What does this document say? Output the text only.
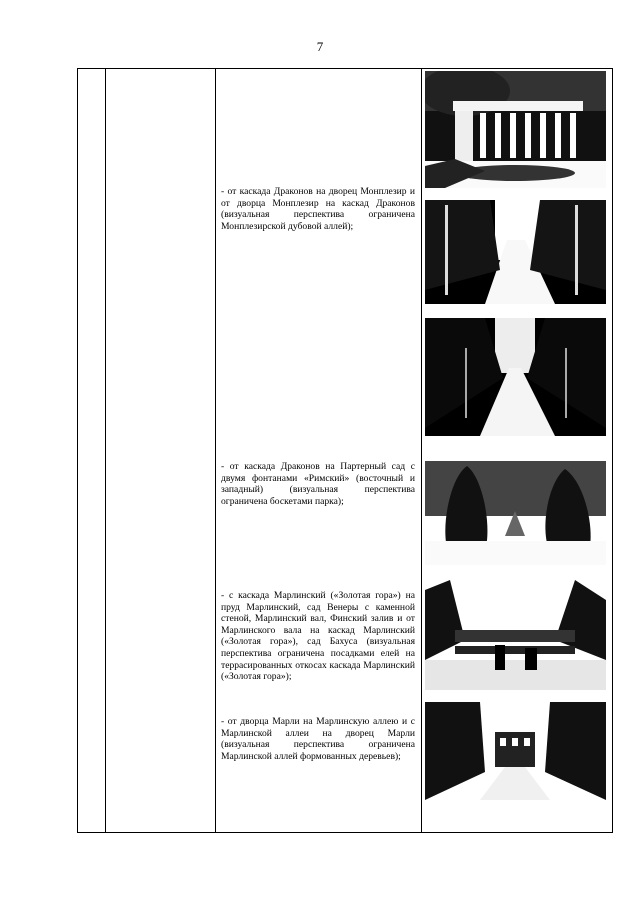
7
- от каскада Драконов на дворец Монплезир и от дворца Монплезир на каскад Драконов (визуальная перспектива ограничена Монплезирской дубовой аллей);
- от каскада Драконов на Партерный сад с двумя фонтанами «Римский» (восточный и западный) (визуальная перспектива ограничена боскетами парка);
- с каскада Марлинский («Золотая гора») на пруд Марлинский, сад Венеры с каменной стеной, Марлинский вал, Финский залив и от Марлинского вала на каскад Марлинский («Золотая гора»), сад Бахуса (визуальная перспектива ограничена посадками елей на террасированных откосах каскада Марлинский («Золотая гора»);
- от дворца Марли на Марлинскую аллею и с Марлинской аллеи на дворец Марли (визуальная перспектива ограничена Марлинской аллей формованных деревьев);
